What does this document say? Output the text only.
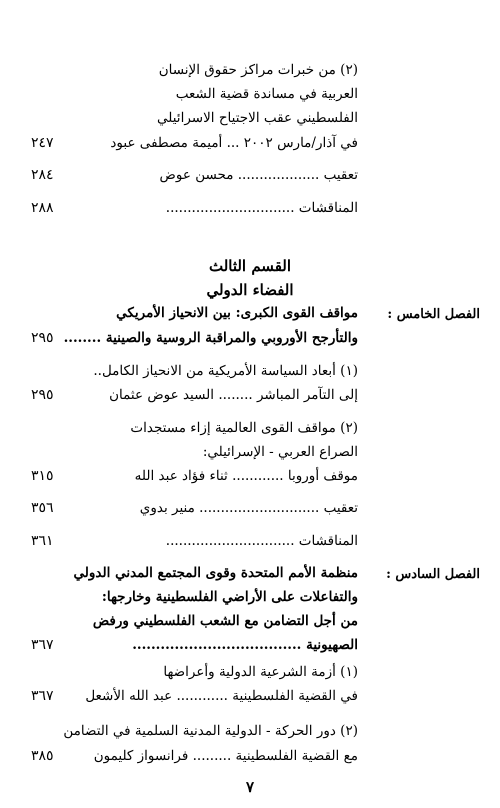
(٢) من خبرات مراكز حقوق الإنسان
العربية في مساندة قضية الشعب
الفلسطيني عقب الاجتياح الاسرائيلي
في آذار/مارس ٢٠٠٢ ... أميمة مصطفى عبود
٢٤٧
تعقيب ................... محسن عوض
٢٨٤
المناقشات ..............................
٢٨٨
القسم الثالث
الفضاء الدولي
الفصل الخامس :
مواقف القوى الكبرى: بين الانحياز الأمريكي
والتأرجح الأوروبي والمراقبة الروسية والصينية ........
٢٩٥
(١) أبعاد السياسة الأمريكية من الانحياز الكامل..
إلى التآمر المباشر ........ السيد عوض عثمان
٢٩٥
(٢) مواقف القوى العالمية إزاء مستجدات
الصراع العربي - الإسرائيلي:
موقف أوروبا ............ ثناء فؤاد عبد الله
٣١٥
تعقيب ............................ منير بدوي
٣٥٦
المناقشات ..............................
٣٦١
الفصل السادس :
منظمة الأمم المتحدة وقوى المجتمع المدني الدولي
والتفاعلات على الأراضي الفلسطينية وخارجها:
من أجل التضامن مع الشعب الفلسطيني ورفض
الصهيونية ....................................
٣٦٧
(١) أزمة الشرعية الدولية وأعراضها
في القضية الفلسطينية ............ عبد الله الأشعل
٣٦٧
(٢) دور الحركة - الدولية المدنية السلمية في التضامن
مع القضية الفلسطينية ......... فرانسواز كليمون
٣٨٥
٧
